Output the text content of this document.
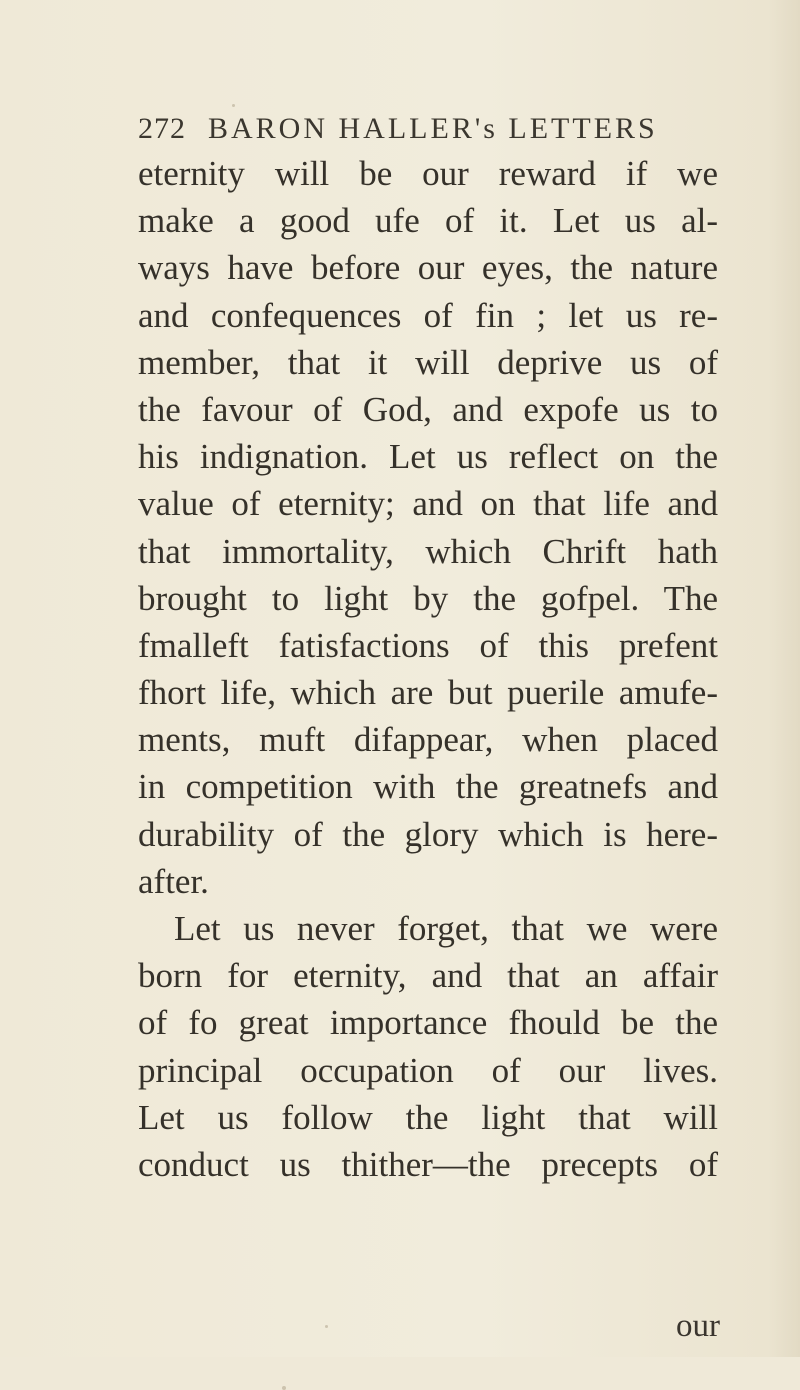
272 BARON HALLER's LETTERS
eternity will be our reward if we
make a good ufe of it. Let us al-
ways have before our eyes, the nature
and confequences of fin ; let us re-
member, that it will deprive us of
the favour of God, and expofe us to
his indignation. Let us reflect on the
value of eternity; and on that life and
that immortality, which Chrift hath
brought to light by the gofpel. The
fmalleft fatisfactions of this prefent
fhort life, which are but puerile amufe-
ments, muft difappear, when placed
in competition with the greatnefs and
durability of the glory which is here-
after.
Let us never forget, that we were
born for eternity, and that an affair
of fo great importance fhould be the
principal occupation of our lives.
Let us follow the light that will
conduct us thither—the precepts of
our
